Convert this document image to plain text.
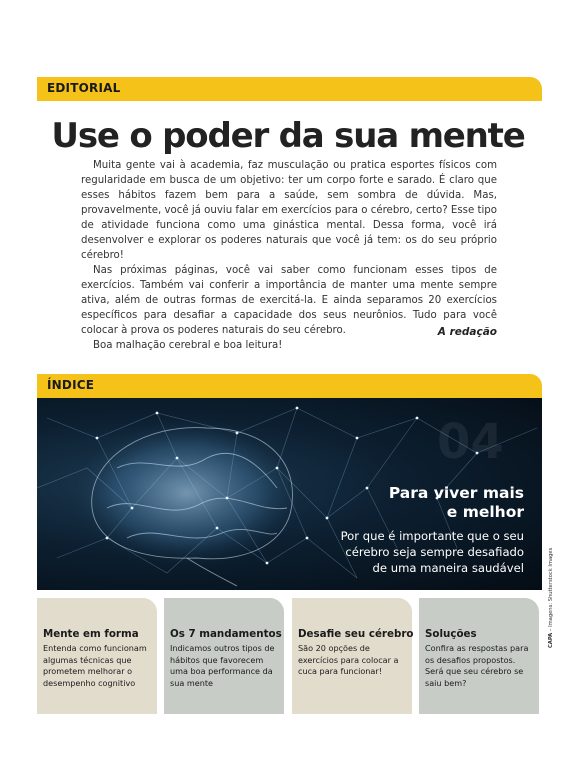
EDITORIAL
Use o poder da sua mente

Muita gente vai à academia, faz musculação ou pratica esportes físicos com regularidade em busca de um objetivo: ter um corpo forte e sarado. É claro que esses hábitos fazem bem para a saúde, sem sombra de dúvida. Mas, provavelmente, você já ouviu falar em exercícios para o cérebro, certo? Esse tipo de atividade funciona como uma ginástica mental. Dessa forma, você irá desenvolver e explorar os poderes naturais que você já tem: os do seu próprio cérebro!

Nas próximas páginas, você vai saber como funcionam esses tipos de exercícios. Também vai conferir a importância de manter uma mente sempre ativa, além de outras formas de exercitá-la. E ainda separamos 20 exercícios específicos para desafiar a capacidade dos seus neurônios. Tudo para você colocar à prova os poderes naturais do seu cérebro.

Boa malhação cerebral e boa leitura!

A redação
ÍNDICE
04
Para viver mais
e melhor
Por que é importante que o seu
cérebro seja sempre desafiado
de uma maneira saudável
Mente em forma

Entenda como funcionam algumas técnicas que prometem melhorar o desempenho cognitivo

Os 7 mandamentos

Indicamos outros tipos de hábitos que favorecem uma boa performance da sua mente

Desafie seu cérebro

São 20 opções de exercícios para colocar a cuca para funcionar!

Soluções

Confira as respostas para os desafios propostos. Será que seu cérebro se saiu bem?

CAPA – Imagens: Shutterstock Images
